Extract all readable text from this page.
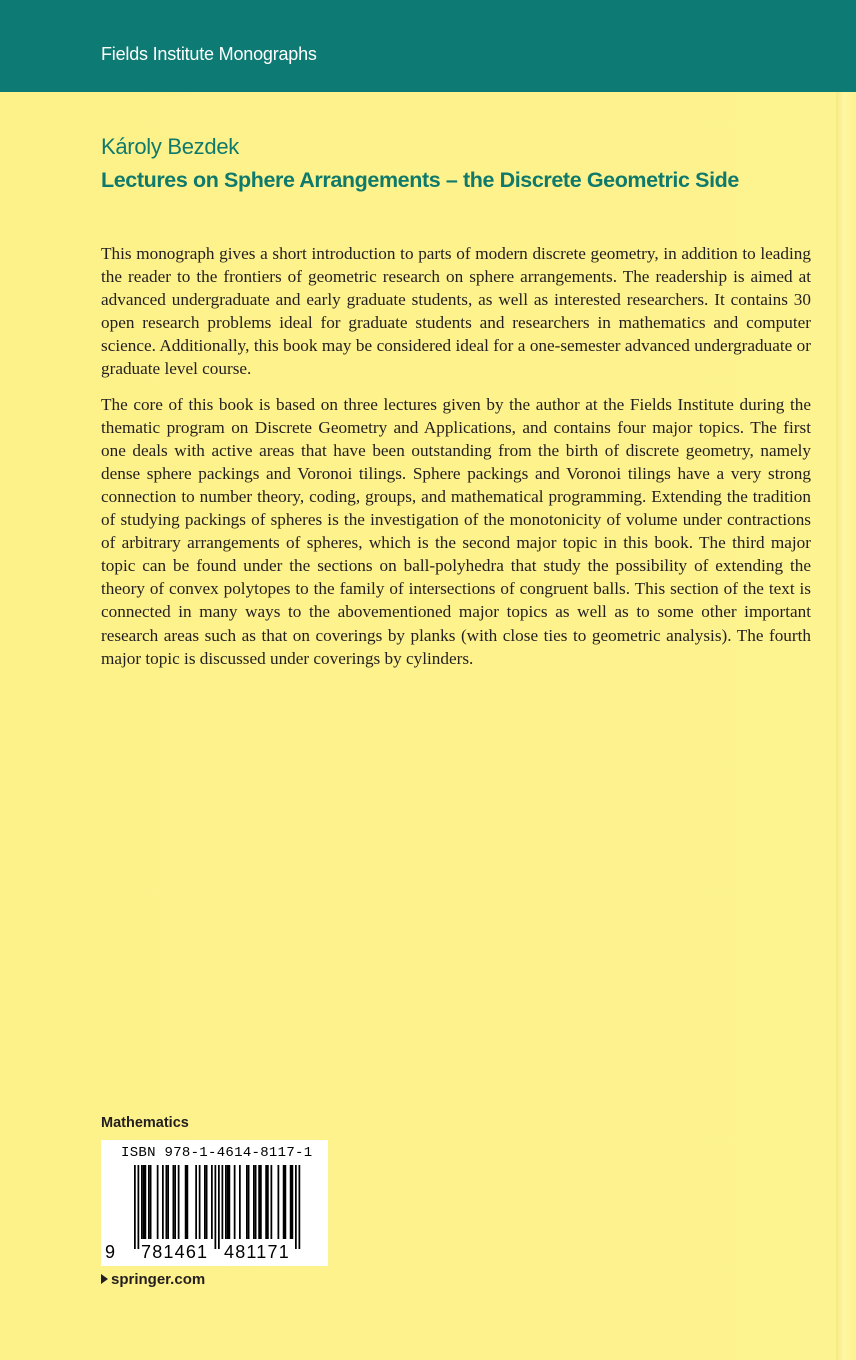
Fields Institute Monographs
Károly Bezdek
Lectures on Sphere Arrangements – the Discrete Geometric Side

This monograph gives a short introduction to parts of modern discrete geometry, in addition to leading the reader to the frontiers of geometric research on sphere arrangements. The readership is aimed at advanced undergraduate and early graduate students, as well as interested researchers. It contains 30 open research problems ideal for graduate students and researchers in mathematics and computer science. Additionally, this book may be considered ideal for a one-semester advanced undergraduate or graduate level course.

The core of this book is based on three lectures given by the author at the Fields Institute during the thematic program on Discrete Geometry and Applications, and contains four major topics. The first one deals with active areas that have been outstanding from the birth of discrete geometry, namely dense sphere packings and Voronoi tilings. Sphere packings and Voronoi tilings have a very strong connection to number theory, coding, groups, and mathematical programming. Extending the tradition of studying packings of spheres is the investigation of the monotonicity of volume under contractions of arbitrary arrangements of spheres, which is the second major topic in this book. The third major topic can be found under the sections on ball-polyhedra that study the possibility of extending the theory of convex polytopes to the family of intersections of congruent balls. This section of the text is connected in many ways to the abovementioned major topics as well as to some other important research areas such as that on coverings by planks (with close ties to geometric analysis). The fourth major topic is discussed under coverings by cylinders.

Mathematics
ISBN 978-1-4614-8117-1
9 781461 481171
springer.com
